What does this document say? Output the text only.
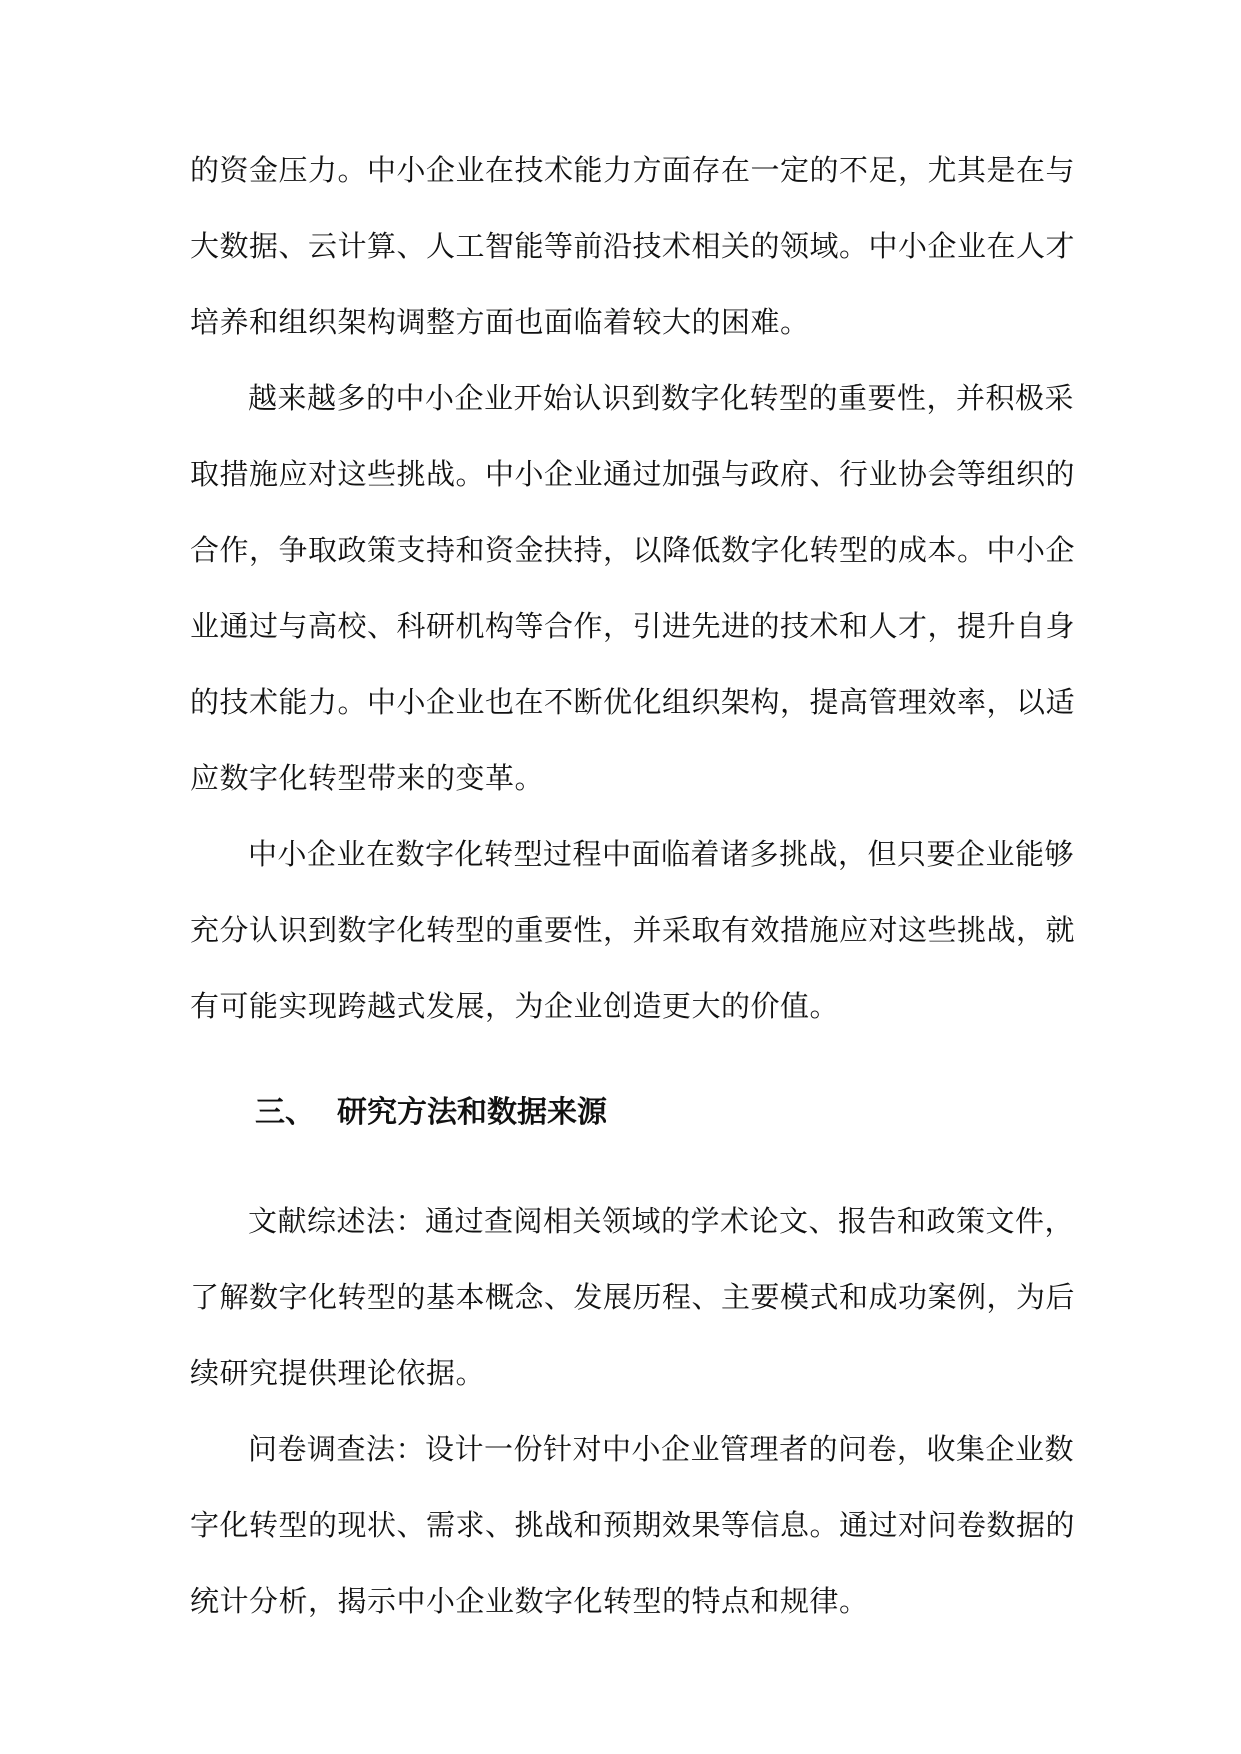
的资金压力。中小企业在技术能力方面存在一定的不足，尤其是在与
大数据、云计算、人工智能等前沿技术相关的领域。中小企业在人才
培养和组织架构调整方面也面临着较大的困难。
越来越多的中小企业开始认识到数字化转型的重要性，并积极采
取措施应对这些挑战。中小企业通过加强与政府、行业协会等组织的
合作，争取政策支持和资金扶持，以降低数字化转型的成本。中小企
业通过与高校、科研机构等合作，引进先进的技术和人才，提升自身
的技术能力。中小企业也在不断优化组织架构，提高管理效率，以适
应数字化转型带来的变革。
中小企业在数字化转型过程中面临着诸多挑战，但只要企业能够
充分认识到数字化转型的重要性，并采取有效措施应对这些挑战，就
有可能实现跨越式发展，为企业创造更大的价值。
三、 研究方法和数据来源
文献综述法：通过查阅相关领域的学术论文、报告和政策文件，
了解数字化转型的基本概念、发展历程、主要模式和成功案例，为后
续研究提供理论依据。
问卷调查法：设计一份针对中小企业管理者的问卷，收集企业数
字化转型的现状、需求、挑战和预期效果等信息。通过对问卷数据的
统计分析，揭示中小企业数字化转型的特点和规律。
